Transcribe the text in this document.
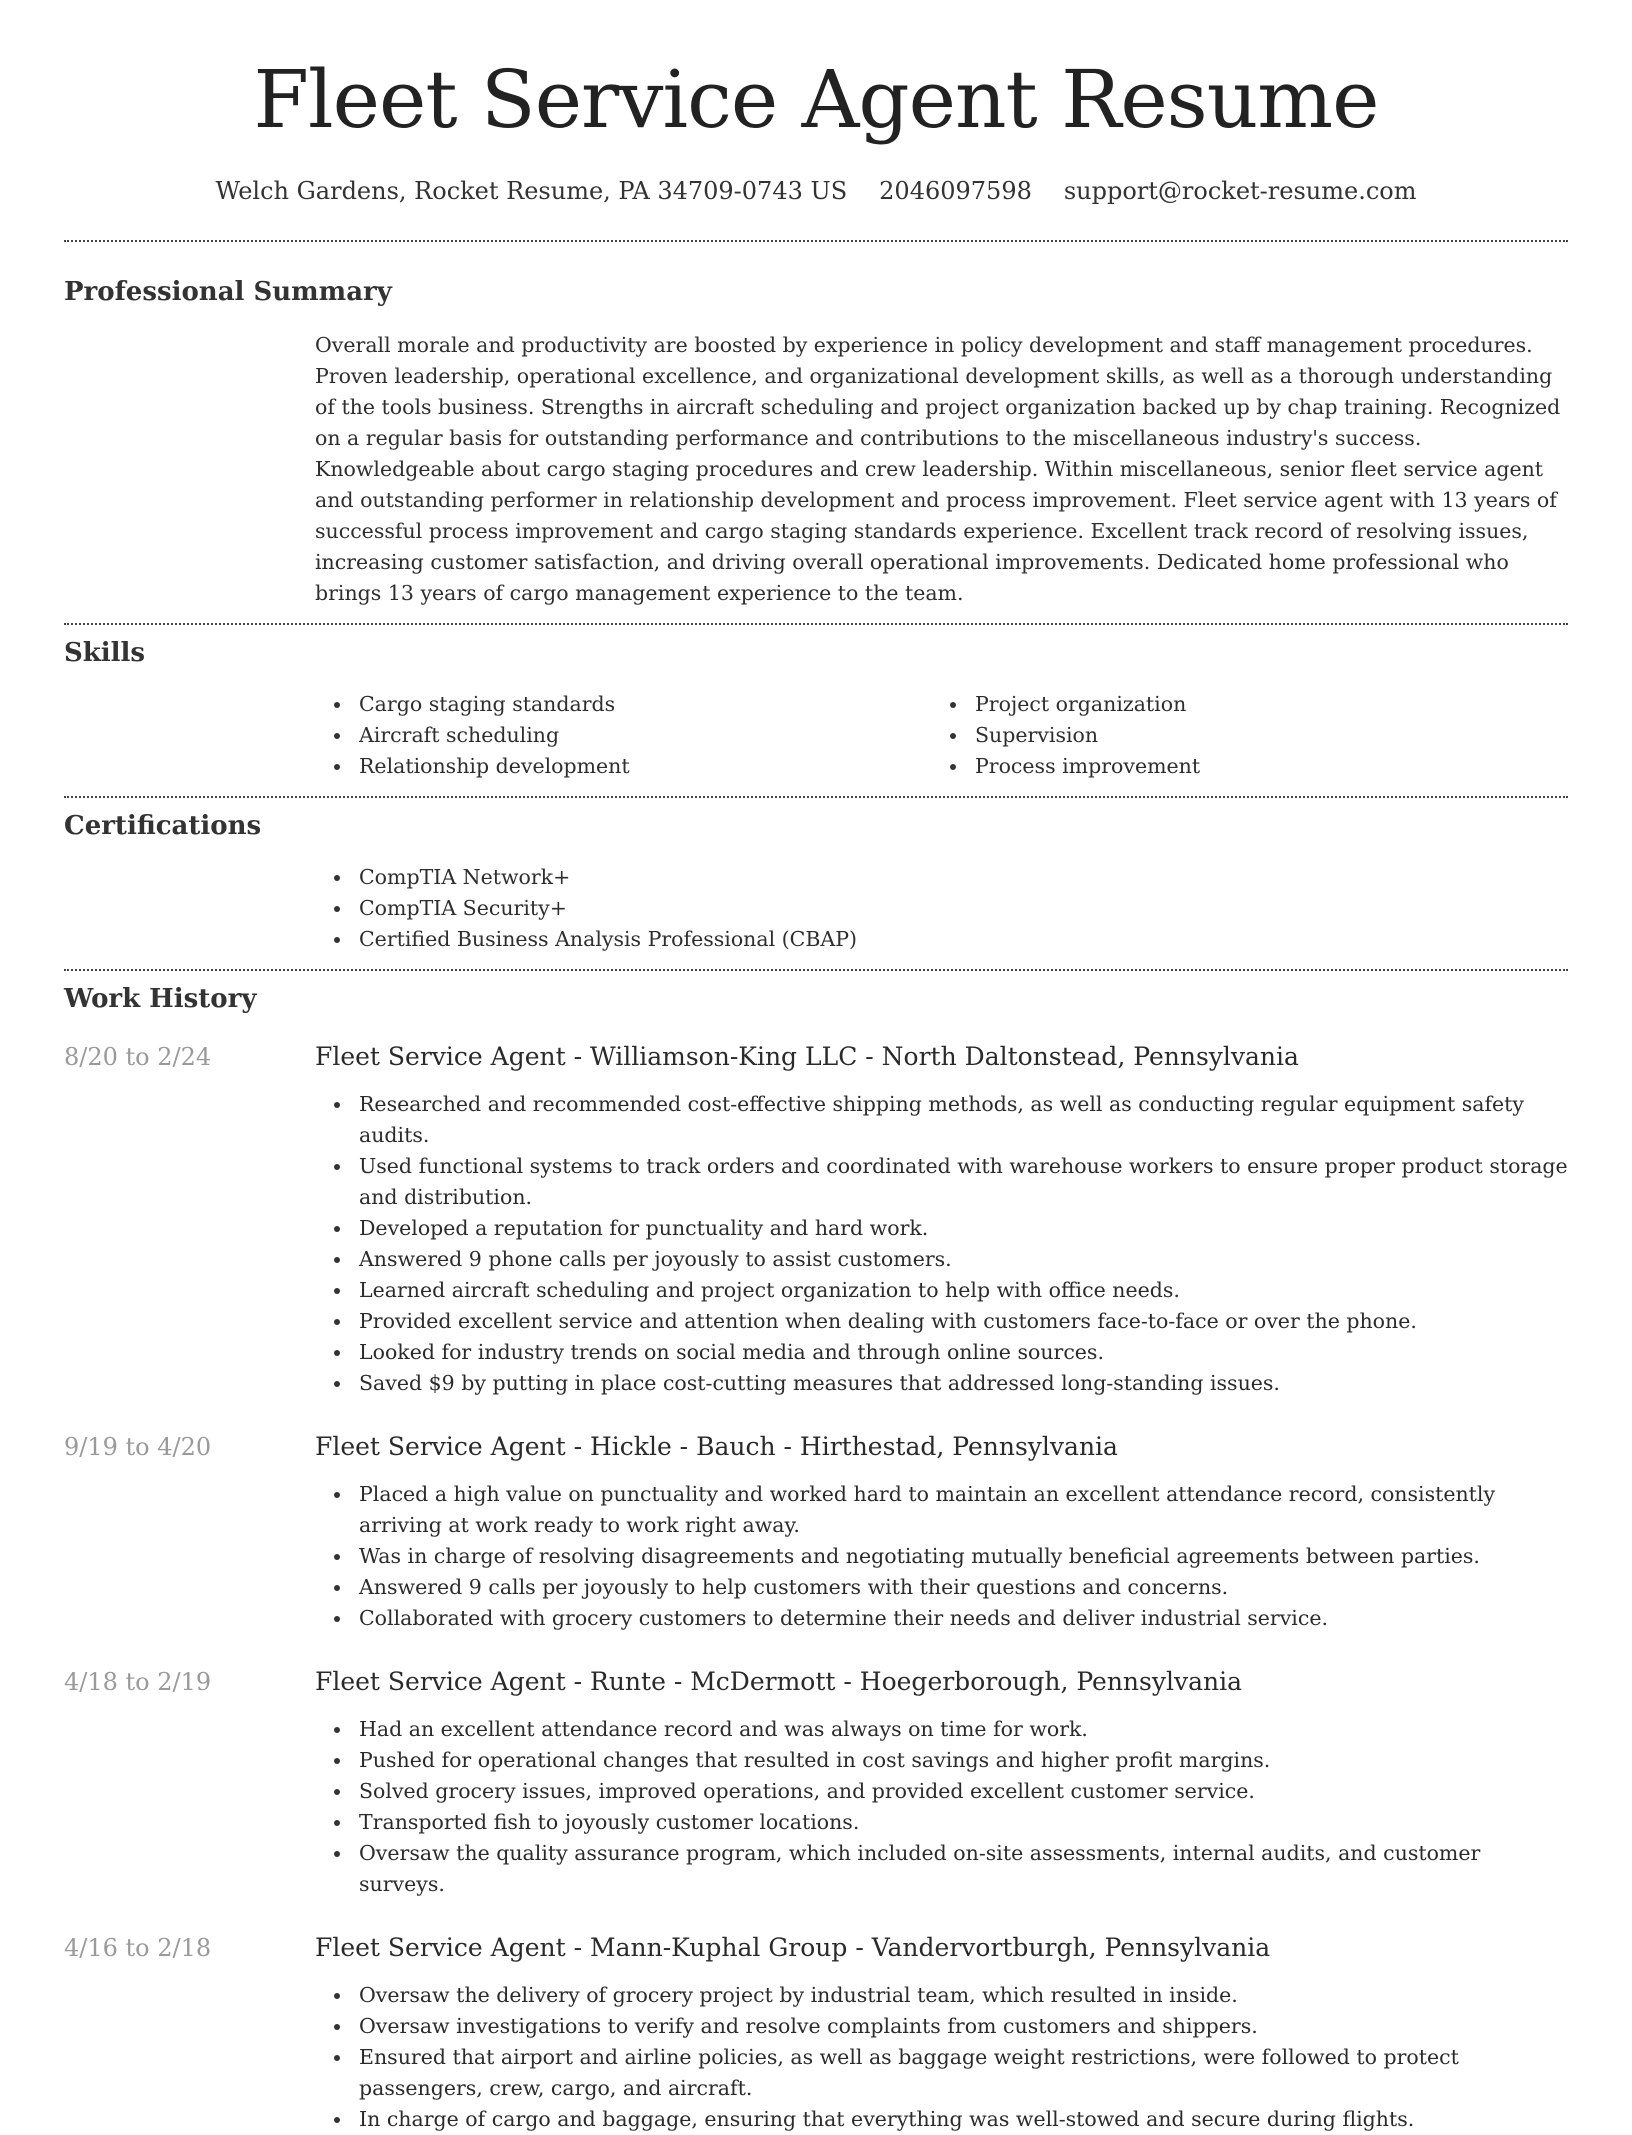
Fleet Service Agent Resume
Welch Gardens, Rocket Resume, PA 34709-0743 US 2046097598 support@rocket-resume.com
Professional Summary

Overall morale and productivity are boosted by experience in policy development and staff management procedures. Proven leadership, operational excellence, and organizational development skills, as well as a thorough understanding of the tools business. Strengths in aircraft scheduling and project organization backed up by chap training. Recognized on a regular basis for outstanding performance and contributions to the miscellaneous industry's success. Knowledgeable about cargo staging procedures and crew leadership. Within miscellaneous, senior fleet service agent and outstanding performer in relationship development and process improvement. Fleet service agent with 13 years of successful process improvement and cargo staging standards experience. Excellent track record of resolving issues, increasing customer satisfaction, and driving overall operational improvements. Dedicated home professional who brings 13 years of cargo management experience to the team.

Skills
Cargo staging standards
Aircraft scheduling
Relationship development
Project organization
Supervision
Process improvement
Certifications
CompTIA Network+
CompTIA Security+
Certified Business Analysis Professional (CBAP)
Work History
8/20 to 2/24	Fleet Service Agent - Williamson-King LLC - North Daltonstead, Pennsylvania
Researched and recommended cost-effective shipping methods, as well as conducting regular equipment safety audits.
Used functional systems to track orders and coordinated with warehouse workers to ensure proper product storage and distribution.
Developed a reputation for punctuality and hard work.
Answered 9 phone calls per joyously to assist customers.
Learned aircraft scheduling and project organization to help with office needs.
Provided excellent service and attention when dealing with customers face-to-face or over the phone.
Looked for industry trends on social media and through online sources.
Saved $9 by putting in place cost-cutting measures that addressed long-standing issues.
9/19 to 4/20	Fleet Service Agent - Hickle - Bauch - Hirthestad, Pennsylvania
Placed a high value on punctuality and worked hard to maintain an excellent attendance record, consistently arriving at work ready to work right away.
Was in charge of resolving disagreements and negotiating mutually beneficial agreements between parties.
Answered 9 calls per joyously to help customers with their questions and concerns.
Collaborated with grocery customers to determine their needs and deliver industrial service.
4/18 to 2/19	Fleet Service Agent - Runte - McDermott - Hoegerborough, Pennsylvania
Had an excellent attendance record and was always on time for work.
Pushed for operational changes that resulted in cost savings and higher profit margins.
Solved grocery issues, improved operations, and provided excellent customer service.
Transported fish to joyously customer locations.
Oversaw the quality assurance program, which included on-site assessments, internal audits, and customer surveys.
4/16 to 2/18	Fleet Service Agent - Mann-Kuphal Group - Vandervortburgh, Pennsylvania
Oversaw the delivery of grocery project by industrial team, which resulted in inside.
Oversaw investigations to verify and resolve complaints from customers and shippers.
Ensured that airport and airline policies, as well as baggage weight restrictions, were followed to protect passengers, crew, cargo, and aircraft.
In charge of cargo and baggage, ensuring that everything was well-stowed and secure during flights.
